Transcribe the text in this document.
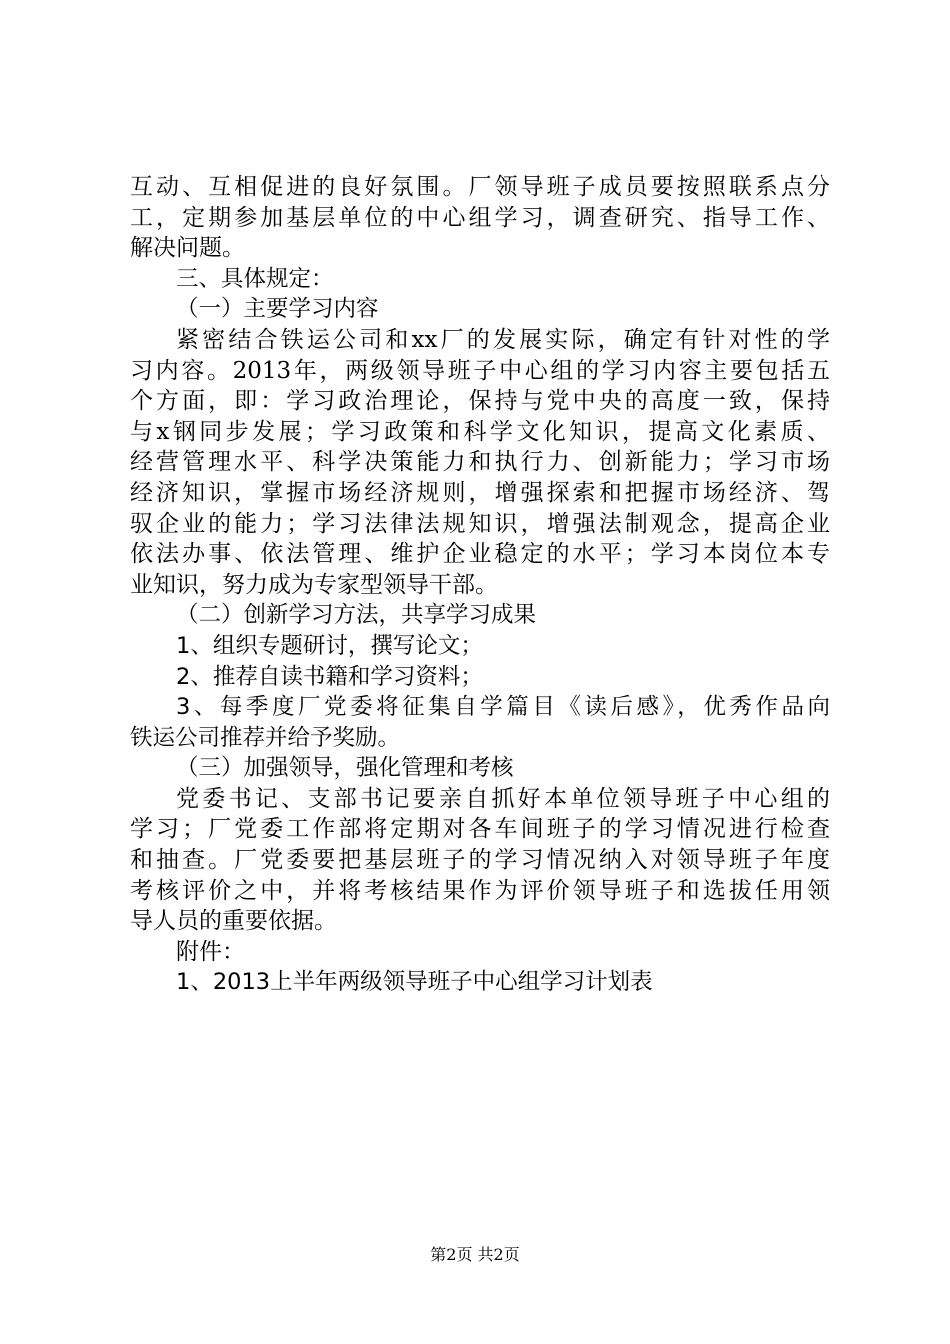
互动、互相促进的良好氛围。厂领导班子成员要按照联系点分
工，定期参加基层单位的中心组学习，调查研究、指导工作、
解决问题。
三、具体规定：
（一）主要学习内容
紧密结合铁运公司和xx厂的发展实际，确定有针对性的学
习内容。2013年，两级领导班子中心组的学习内容主要包括五
个方面，即：学习政治理论，保持与党中央的高度一致，保持
与x钢同步发展；学习政策和科学文化知识，提高文化素质、
经营管理水平、科学决策能力和执行力、创新能力；学习市场
经济知识，掌握市场经济规则，增强探索和把握市场经济、驾
驭企业的能力；学习法律法规知识，增强法制观念，提高企业
依法办事、依法管理、维护企业稳定的水平；学习本岗位本专
业知识，努力成为专家型领导干部。
（二）创新学习方法，共享学习成果
1、组织专题研讨，撰写论文；
2、推荐自读书籍和学习资料；
3、每季度厂党委将征集自学篇目《读后感》，优秀作品向
铁运公司推荐并给予奖励。
（三）加强领导，强化管理和考核
党委书记、支部书记要亲自抓好本单位领导班子中心组的
学习；厂党委工作部将定期对各车间班子的学习情况进行检查
和抽查。厂党委要把基层班子的学习情况纳入对领导班子年度
考核评价之中，并将考核结果作为评价领导班子和选拔任用领
导人员的重要依据。
附件：
1、2013上半年两级领导班子中心组学习计划表
第2页 共2页
